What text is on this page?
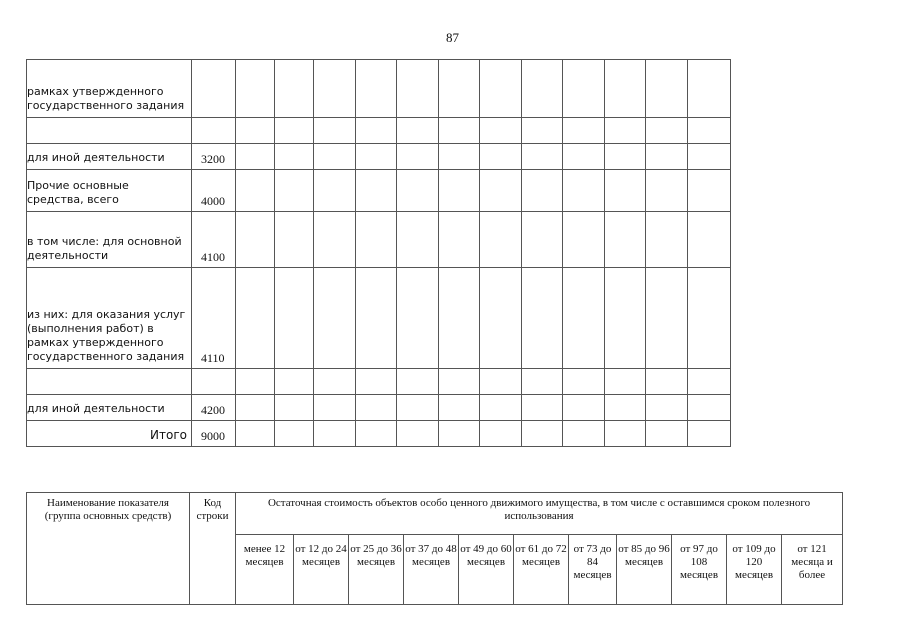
87
рамках утвержденного государственного задания													

для иной деятельности	3200												

Прочие основные средства, всего	4000												

в том числе: для основной деятельности	4100												

из них: для оказания услуг (выполнения работ) в рамках утвержденного государственного задания	4110												

для иной деятельности	4200												

Итого	9000												
Наименование показателя (группа основных средств)	Код строки	Остаточная стоимость объектов особо ценного движимого имущества, в том числе с оставшимся сроком полезного использования										
		менее 12 месяцев	от 12 до 24 месяцев	от 25 до 36 месяцев	от 37 до 48 месяцев	от 49 до 60 месяцев	от 61 до 72 месяцев	от 73 до 84 месяцев	от 85 до 96 месяцев	от 97 до 108 месяцев	от 109 до 120 месяцев	от 121 месяца и более
